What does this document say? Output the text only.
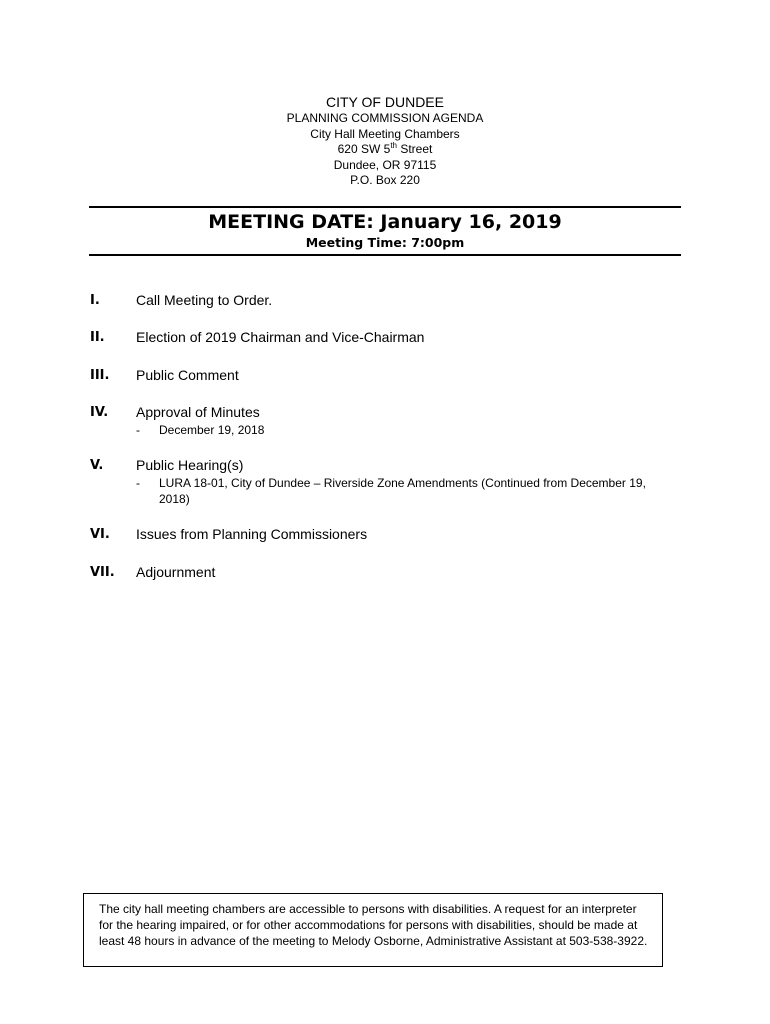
CITY OF DUNDEE
PLANNING COMMISSION AGENDA
City Hall Meeting Chambers
620 SW 5th Street
Dundee, OR 97115
P.O. Box 220
MEETING DATE: January 16, 2019
Meeting Time: 7:00pm
I.	Call Meeting to Order.
II. Election of 2019 Chairman and Vice-Chairman
III. Public Comment
IV. Approval of Minutes
- December 19, 2018
V. Public Hearing(s)
- LURA 18-01, City of Dundee – Riverside Zone Amendments (Continued from December 19, 2018)
VI. Issues from Planning Commissioners
VII. Adjournment
The city hall meeting chambers are accessible to persons with disabilities. A request for an interpreter for the hearing impaired, or for other accommodations for persons with disabilities, should be made at least 48 hours in advance of the meeting to Melody Osborne, Administrative Assistant at 503-538-3922.
